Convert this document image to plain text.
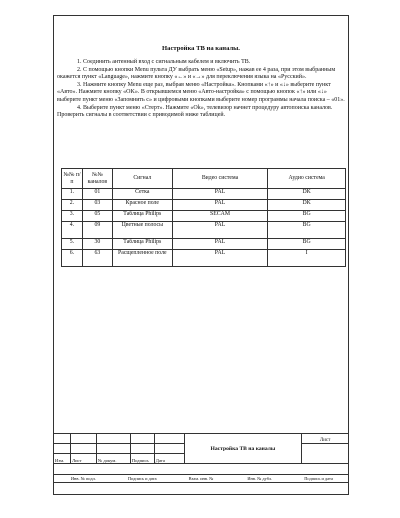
Настройка ТВ на каналы.

1. Соединить антенный вход с сигнальным кабелем и включить ТВ.

2. С помощью кнопки Menu пульта ДУ выбрать меню «Setup», нажав ее 4 раза, при этом выбранным окажется пункт «Language», нажмите кнопку «←» и «→» для переключения языка на «Русский».

3. Нажмите кнопку Menu еще раз, выбрав меню «Настройка». Кнопками «↑» и «↓» выберите пункт «Авто». Нажмите кнопку «OK». В открывшемся меню «Авто-настройка» с помощью кнопок «↑» или «↓» выберите пункт меню «Запомнить с» и цифровыми кнопками выберите номер программы начала поиска – «01».

4. Выберите пункт меню «Стерт». Нажмите «Ok», телевизор начнет процедуру автопоиска каналов.

Проверить сигналы в соответствии с приводимой ниже таблицей.

№№ п/п	№№ каналов	Сигнал	Видео система	Аудио система
1.	01	Сетка	PAL	DK
2.	03	Красное поле	PAL	DK
3.	05	Таблица Philips	SECAM	BG
4.	09	Цветные полосы	PAL	BG
5.	30	Таблица Philips	PAL	BG
6.	63	Расщепленное поле	PAL	I
					Настройка ТВ на каналы	Лист

Изм.	Лист	№ докум.	Подпись	Дата		
Инв. № подл.	Подпись и дата	Взам. инв. №	Инв. № дубл.	Подпись и дата
